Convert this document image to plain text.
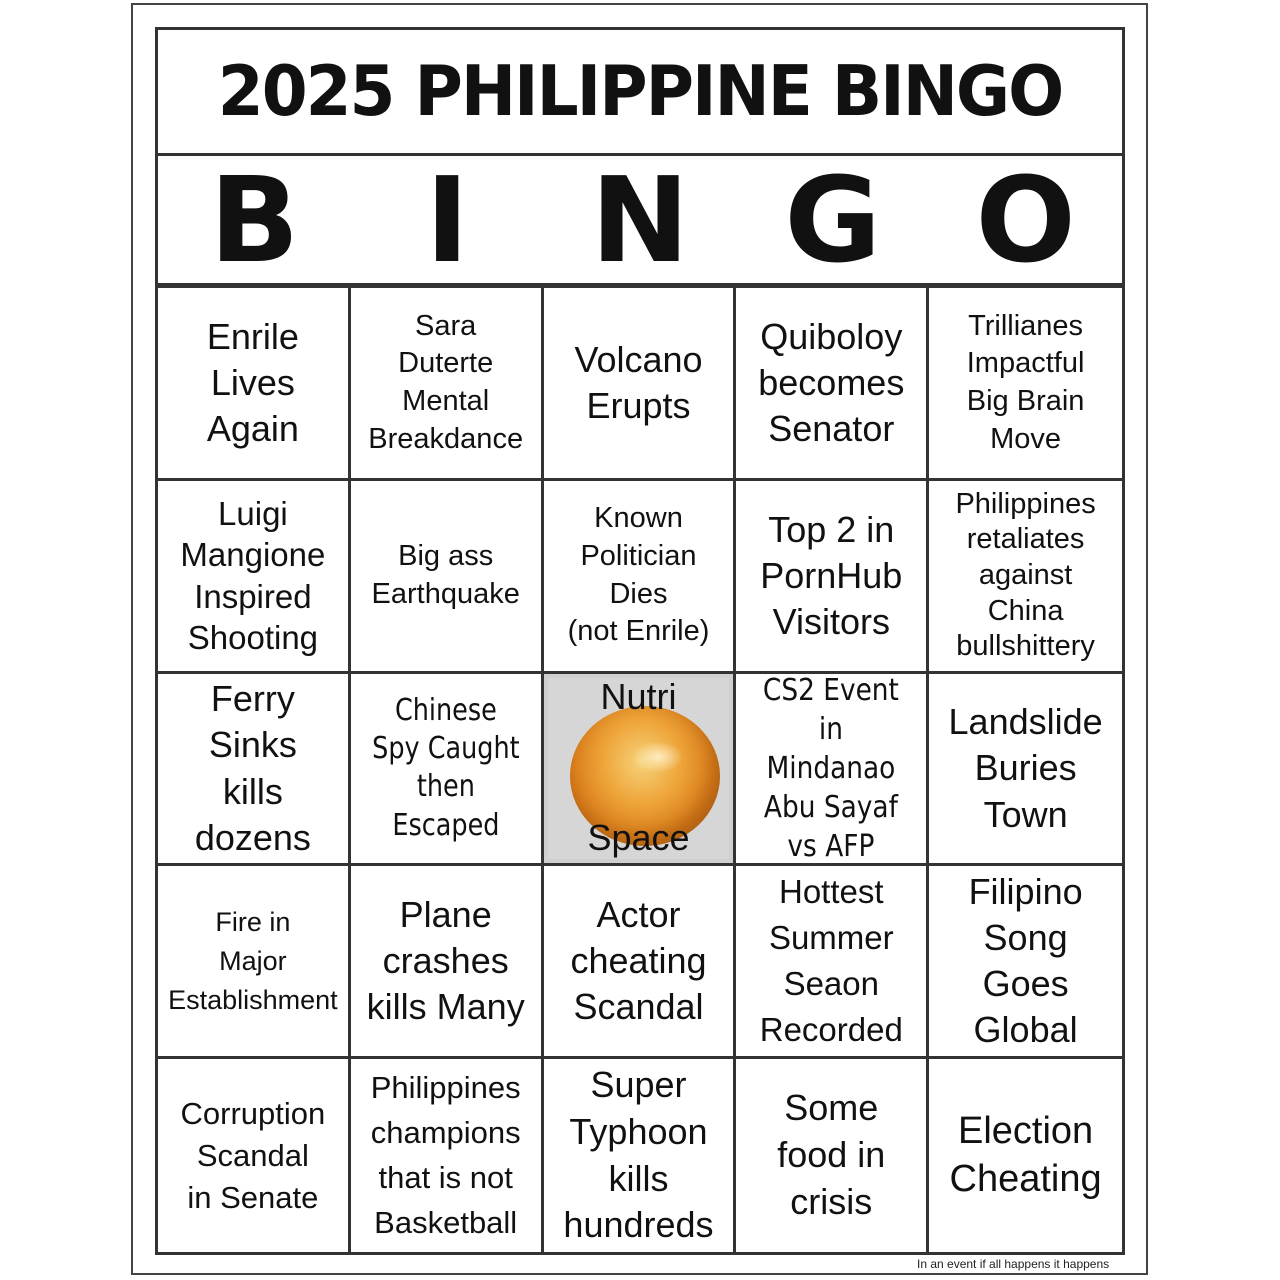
2025 PHILIPPINE BINGO
B	I	N G O
Enrile
Lives
Again
Sara
Duterte
Mental
Breakdance
Volcano
Erupts
Quiboloy
becomes
Senator
Trillianes
Impactful
Big Brain
Move
Luigi
Mangione
Inspired
Shooting
Big ass
Earthquake
Known
Politician
Dies
(not Enrile)
Top 2 in
PornHub
Visitors
Philippines
retaliates
against
China
bullshittery
Ferry
Sinks
kills
dozens
Chinese
Spy Caught
then Escaped
Nutri
Space
CS2 Event
in Mindanao
Abu Sayaf
vs AFP
Landslide
Buries
Town
Fire in
Major
Establishment
Plane
crashes
kills Many
Actor
cheating
Scandal
Hottest
Summer
Seaon
Recorded
Filipino
Song
Goes
Global
Corruption
Scandal
in Senate
Philippines
champions
that is not
Basketball
Super
Typhoon
kills
hundreds
Some
food in
crisis
Election
Cheating
In an event if all happens it happens
